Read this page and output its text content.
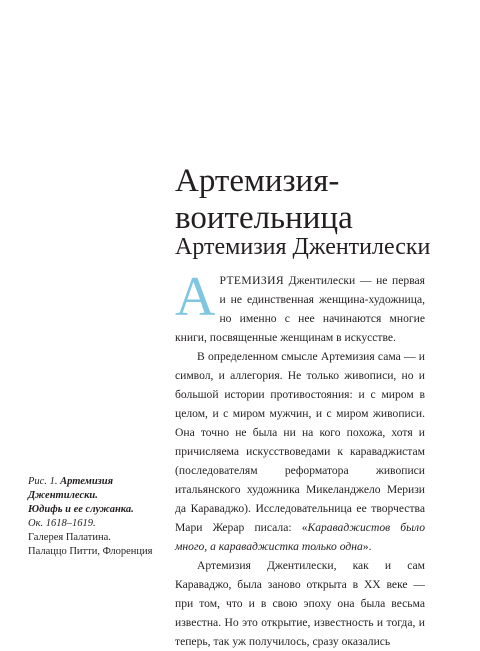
Артемизия-
воительница
Артемизия Джентилески

АРТЕМИЗИЯ Джентилески — не первая и не единственная женщина-художница, но именно с нее начинаются многие книги, посвященные женщинам в искусстве.

В определенном смысле Артемизия сама — и символ, и аллегория. Не только живописи, но и большой истории противостояния: и с миром в целом, и с миром мужчин, и с миром живописи. Она точно не была ни на кого похожа, хотя и причисляема искусствоведами к караваджистам (последователям реформатора живописи итальянского художника Микеланджело Меризи да Караваджо). Исследовательница ее творчества Мари Жерар писала: «Караваджистов было много, а караваджистка только одна».

Артемизия Джентилески, как и сам Караваджо, была заново открыта в XX веке — при том, что и в свою эпоху она была весьма известна. Но это открытие, известность и тогда, и теперь, так уж получилось, сразу оказались

Рис. 1. Артемизия
Джентилески.
Юдифь и ее служанка.
Ок. 1618–1619.
Галерея Палатина.
Палаццо Питти, Флоренция
